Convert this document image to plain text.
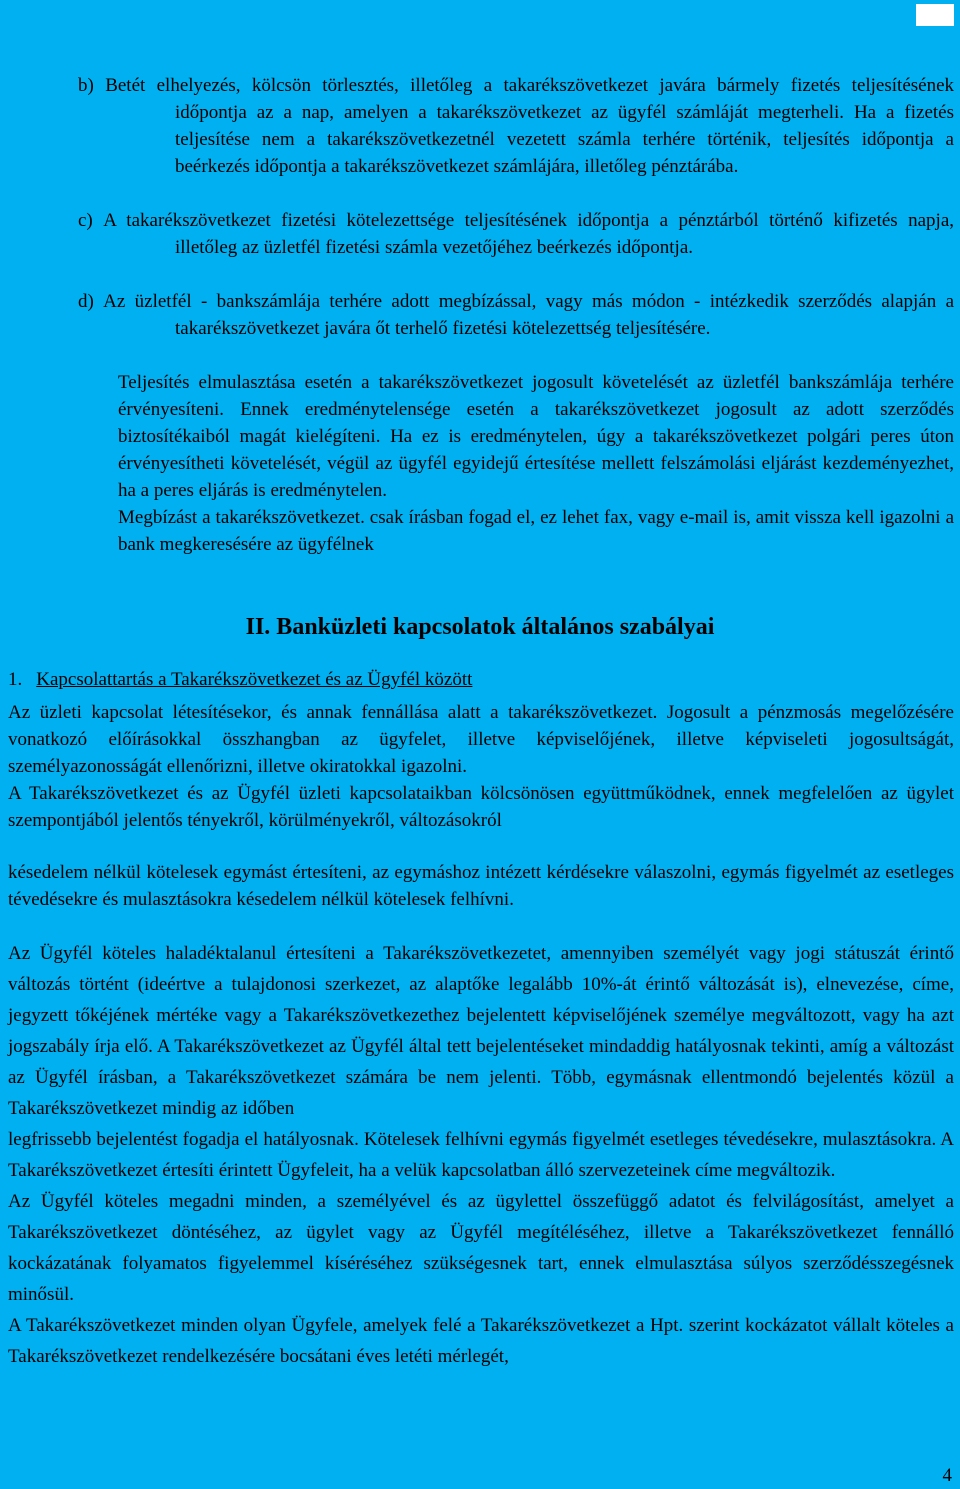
b) Betét elhelyezés, kölcsön törlesztés, illetőleg a takarékszövetkezet javára bármely fizetés teljesítésének időpontja az a nap, amelyen a takarékszövetkezet az ügyfél számláját megterheli. Ha a fizetés teljesítése nem a takarékszövetkezetnél vezetett számla terhére történik, teljesítés időpontja a beérkezés időpontja a takarékszövetkezet számlájára, illetőleg pénztárába.

c) A takarékszövetkezet fizetési kötelezettsége teljesítésének időpontja a pénztárból történő kifizetés napja, illetőleg az üzletfél fizetési számla vezetőjéhez beérkezés időpontja.

d) Az üzletfél - bankszámlája terhére adott megbízással, vagy más módon - intézkedik szerződés alapján a takarékszövetkezet javára őt terhelő fizetési kötelezettség teljesítésére.

Teljesítés elmulasztása esetén a takarékszövetkezet jogosult követelését az üzletfél bankszámlája terhére érvényesíteni. Ennek eredménytelensége esetén a takarékszövetkezet jogosult az adott szerződés biztosítékaiból magát kielégíteni. Ha ez is eredménytelen, úgy a takarékszövetkezet polgári peres úton érvényesítheti követelését, végül az ügyfél egyidejű értesítése mellett felszámolási eljárást kezdeményezhet, ha a peres eljárás is eredménytelen.

Megbízást a takarékszövetkezet. csak írásban fogad el, ez lehet fax, vagy e-mail is, amit vissza kell igazolni a bank megkeresésére az ügyfélnek

II. Banküzleti kapcsolatok általános szabályai
1. Kapcsolattartás a Takarékszövetkezet és az Ügyfél között

Az üzleti kapcsolat létesítésekor, és annak fennállása alatt a takarékszövetkezet. Jogosult a pénzmosás megelőzésére vonatkozó előírásokkal összhangban az ügyfelet, illetve képviselőjének, illetve képviseleti jogosultságát, személyazonosságát ellenőrizni, illetve okiratokkal igazolni.

A Takarékszövetkezet és az Ügyfél üzleti kapcsolataikban kölcsönösen együttműködnek, ennek megfelelően az ügylet szempontjából jelentős tényekről, körülményekről, változásokról

késedelem nélkül kötelesek egymást értesíteni, az egymáshoz intézett kérdésekre válaszolni, egymás figyelmét az esetleges tévedésekre és mulasztásokra késedelem nélkül kötelesek felhívni.

Az Ügyfél köteles haladéktalanul értesíteni a Takarékszövetkezetet, amennyiben személyét vagy jogi státuszát érintő változás történt (ideértve a tulajdonosi szerkezet, az alaptőke legalább 10%-át érintő változását is), elnevezése, címe, jegyzett tőkéjének mértéke vagy a Takarékszövetkezethez bejelentett képviselőjének személye megváltozott, vagy ha azt jogszabály írja elő. A Takarékszövetkezet az Ügyfél által tett bejelentéseket mindaddig hatályosnak tekinti, amíg a változást az Ügyfél írásban, a Takarékszövetkezet számára be nem jelenti. Több, egymásnak ellentmondó bejelentés közül a Takarékszövetkezet mindig az időben

legfrissebb bejelentést fogadja el hatályosnak. Kötelesek felhívni egymás figyelmét esetleges tévedésekre, mulasztásokra. A Takarékszövetkezet értesíti érintett Ügyfeleit, ha a velük kapcsolatban álló szervezeteinek címe megváltozik.

Az Ügyfél köteles megadni minden, a személyével és az ügylettel összefüggő adatot és felvilágosítást, amelyet a Takarékszövetkezet döntéséhez, az ügylet vagy az Ügyfél megítéléséhez, illetve a Takarékszövetkezet fennálló kockázatának folyamatos figyelemmel kíséréséhez szükségesnek tart, ennek elmulasztása súlyos szerződésszegésnek minősül.

A Takarékszövetkezet minden olyan Ügyfele, amelyek felé a Takarékszövetkezet a Hpt. szerint kockázatot vállalt köteles a Takarékszövetkezet rendelkezésére bocsátani éves letéti mérlegét,

4
